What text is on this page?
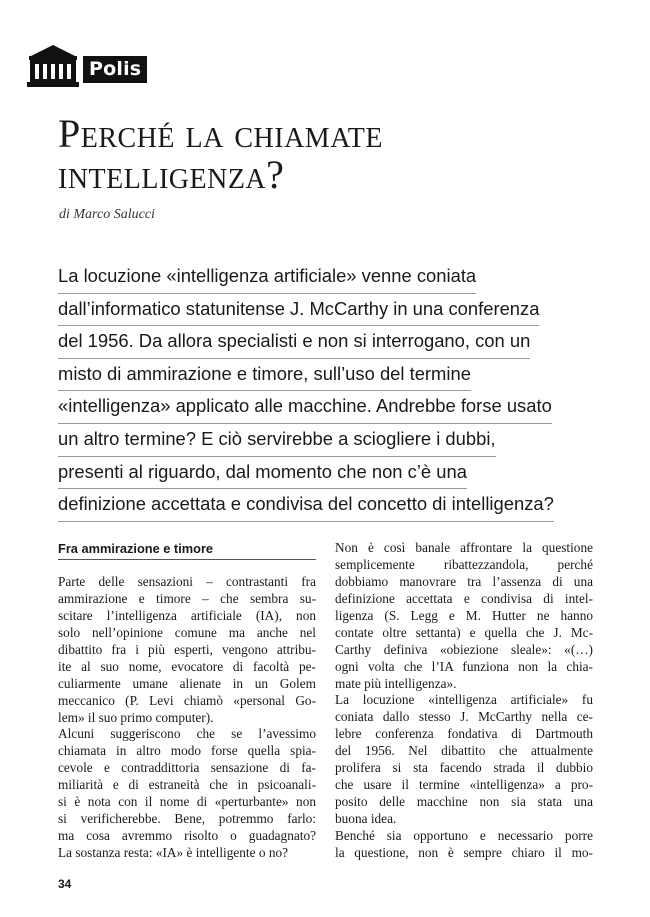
Polis
Perché la chiamate
intelligenza?
di Marco Salucci
La locuzione «intelligenza artificiale» venne coniata
dall’informatico statunitense J. McCarthy in una conferenza
del 1956. Da allora specialisti e non si interrogano, con un
misto di ammirazione e timore, sull’uso del termine
«intelligenza» applicato alle macchine. Andrebbe forse usato
un altro termine? E ciò servirebbe a sciogliere i dubbi,
presenti al riguardo, dal momento che non c’è una
definizione accettata e condivisa del concetto di intelligenza?
Fra ammirazione e timore
Parte delle sensazioni – contrastanti fra
ammirazione e timore – che sembra su-
scitare l’intelligenza artificiale (IA), non
solo nell’opinione comune ma anche nel
dibattito fra i più esperti, vengono attribu-
ite al suo nome, evocatore di facoltà pe-
culiarmente umane alienate in un Golem
meccanico (P. Levi chiamò «personal Go-
lem» il suo primo computer).
Alcuni suggeriscono che se l’avessimo
chiamata in altro modo forse quella spia-
cevole e contraddittoria sensazione di fa-
miliarità e di estraneità che in psicoanali-
si è nota con il nome di «perturbante» non
si verificherebbe. Bene, potremmo farlo:
ma cosa avremmo risolto o guadagnato?
La sostanza resta: «IA» è intelligente o no?
Non è così banale affrontare la questione
semplicemente ribattezzandola, perché
dobbiamo manovrare tra l’assenza di una
definizione accettata e condivisa di intel-
ligenza (S. Legg e M. Hutter ne hanno
contate oltre settanta) e quella che J. Mc-
Carthy definiva «obiezione sleale»: «(…)
ogni volta che l’IA funziona non la chia-
mate più intelligenza».
La locuzione «intelligenza artificiale» fu
coniata dallo stesso J. McCarthy nella ce-
lebre conferenza fondativa di Dartmouth
del 1956. Nel dibattito che attualmente
prolifera si sta facendo strada il dubbio
che usare il termine «intelligenza» a pro-
posito delle macchine non sia stata una
buona idea.
Benché sia opportuno e necessario porre
la questione, non è sempre chiaro il mo-
34
